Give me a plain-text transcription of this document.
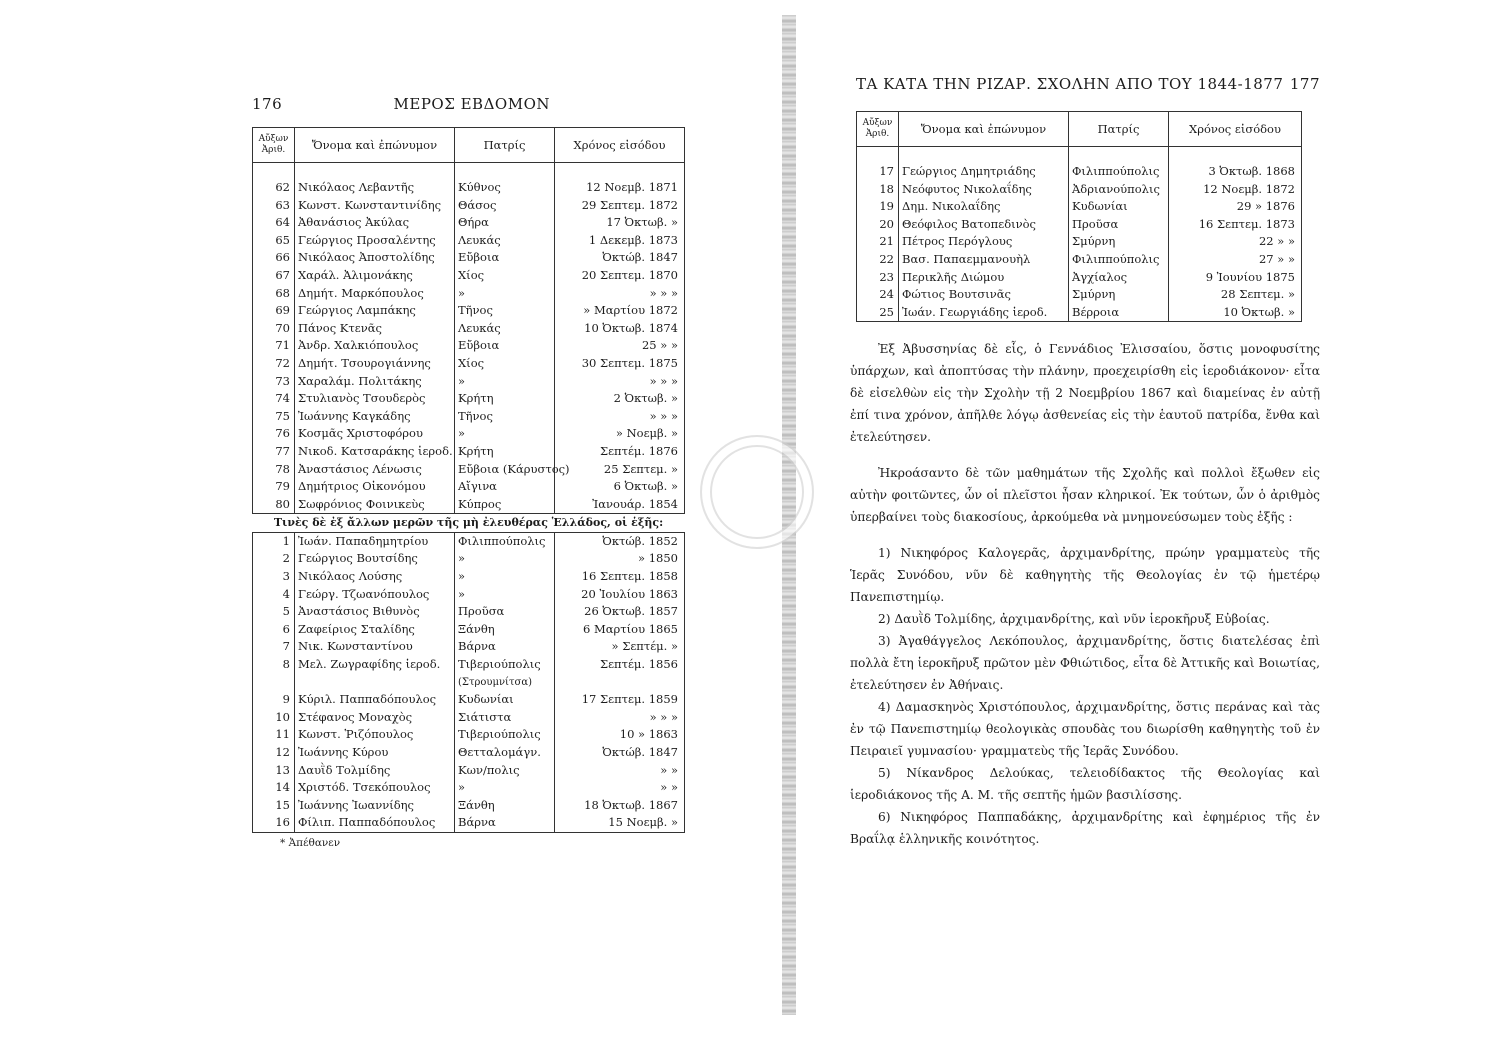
176	ΜΕΡΟΣ ΕΒΔΟΜΟΝ
Αὔξων Ἀριθ.	Ὄνομα καὶ ἐπώνυμον	Πατρίς	Χρόνος εἰσόδου

62	Νικόλαος Λεβαντῆς	Κύθνος	12 Νοεμβ. 1871
63	Κωνστ. Κωνσταντινίδης	Θάσος	29 Σεπτεμ. 1872
64	Ἀθανάσιος Ἀκύλας	Θήρα	17 Ὀκτωβ. »
65	Γεώργιος Προσαλέντης	Λευκάς	1 Δεκεμβ. 1873
66	Νικόλαος Ἀποστολίδης	Εὔβοια	Ὀκτώβ. 1847
67	Χαράλ. Ἀλιμονάκης	Χίος	20 Σεπτεμ. 1870
68	Δημήτ. Μαρκόπουλος	»	» » »
69	Γεώργιος Λαμπάκης	Τῆνος	» Μαρτίου 1872
70	Πάνος Κτενᾶς	Λευκάς	10 Ὀκτωβ. 1874
71	Ἀνδρ. Χαλκιόπουλος	Εὔβοια	25 » »
72	Δημήτ. Τσουρογιάννης	Χίος	30 Σεπτεμ. 1875
73	Χαραλάμ. Πολιτάκης	»	» » »
74	Στυλιανὸς Τσουδερὸς	Κρήτη	2 Ὀκτωβ. »
75	Ἰωάννης Καγκάδης	Τῆνος	» » »
76	Κοσμᾶς Χριστοφόρου	»	» Νοεμβ. »
77	Νικοδ. Κατσαράκης ἱεροδ.	Κρήτη	Σεπτέμ. 1876
78	Ἀναστάσιος Λένωσις	Εὔβοια (Κάρυστος)	25 Σεπτεμ. »
79	Δημήτριος Οἰκονόμου	Αἴγινα	6 Ὀκτωβ. »
80	Σωφρόνιος Φοινικεὺς	Κύπρος	Ἰανουάρ. 1854
Τινὲς δὲ ἐξ ἄλλων μερῶν τῆς μὴ ἐλευθέρας Ἑλλάδος, οἱ ἑξῆς:			
1	Ἰωάν. Παπαδημητρίου	Φιλιππούπολις	Ὀκτώβ. 1852
2	Γεώργιος Βουτσίδης	»	» 1850
3	Νικόλαος Λούσης	»	16 Σεπτεμ. 1858
4	Γεώργ. Τζωανόπουλος	»	20 Ἰουλίου 1863
5	Ἀναστάσιος Βιθυνὸς	Προῦσα	26 Ὀκτωβ. 1857
6	Ζαφείριος Σταλίδης	Ξάνθη	6 Μαρτίου 1865
7	Νικ. Κωνσταντίνου	Βάρνα	» Σεπτέμ. »
8	Μελ. Ζωγραφίδης ἱεροδ.	Τιβεριούπολις	Σεπτέμ. 1856
		(Στρουμνίτσα)	
9	Κύριλ. Παππαδόπουλος	Κυδωνίαι	17 Σεπτεμ. 1859
10	Στέφανος Μοναχὸς	Σιάτιστα	» » »
11	Κωνστ. Ῥιζόπουλος	Τιβεριούπολις	10 » 1863
12	Ἰωάννης Κύρου	Θετταλομάγν.	Ὀκτώβ. 1847
13	Δαυῒδ Τολμίδης	Κων/πολις	» »
14	Χριστόδ. Τσεκόπουλος	»	» »
15	Ἰωάννης Ἰωαννίδης	Ξάνθη	18 Ὀκτωβ. 1867
16	Φίλιπ. Παππαδόπουλος	Βάρνα	15 Νοεμβ. »
* Ἀπέθανεν
ΤΑ ΚΑΤΑ ΤΗΝ ΡΙΖΑΡ. ΣΧΟΛΗΝ ΑΠΟ ΤΟΥ 1844-1877 177
Αὔξων Ἀριθ.	Ὄνομα καὶ ἐπώνυμον	Πατρίς	Χρόνος εἰσόδου

17	Γεώργιος Δημητριάδης	Φιλιππούπολις	3 Ὀκτωβ. 1868
18	Νεόφυτος Νικολαΐδης	Ἀδριανούπολις	12 Νοεμβ. 1872
19	Δημ. Νικολαΐδης	Κυδωνίαι	29 » 1876
20	Θεόφιλος Βατοπεδινὸς	Προῦσα	16 Σεπτεμ. 1873
21	Πέτρος Περόγλους	Σμύρνη	22 » »
22	Βασ. Παπαεμμανουὴλ	Φιλιππούπολις	27 » »
23	Περικλῆς Διώμου	Ἀγχίαλος	9 Ἰουνίου 1875
24	Φώτιος Βουτσινᾶς	Σμύρνη	28 Σεπτεμ. »
25	Ἰωάν. Γεωργιάδης ἱεροδ.	Βέρροια	10 Ὀκτωβ. »

Ἐξ Ἀβυσσηνίας δὲ εἷς, ὁ Γεννάδιος Ἐλισσαίου, ὅστις μονοφυσίτης ὑπάρχων, καὶ ἀποπτύσας τὴν πλάνην, προεχειρίσθη εἰς ἱεροδιάκονον· εἶτα δὲ εἰσελθὼν εἰς τὴν Σχολὴν τῇ 2 Νοεμβρίου 1867 καὶ διαμείνας ἐν αὐτῇ ἐπί τινα χρόνον, ἀπῆλθε λόγῳ ἀσθενείας εἰς τὴν ἑαυτοῦ πατρίδα, ἔνθα καὶ ἐτελεύτησεν.

Ἠκροάσαντο δὲ τῶν μαθημάτων τῆς Σχολῆς καὶ πολλοὶ ἔξωθεν εἰς αὐτὴν φοιτῶντες, ὧν οἱ πλεῖστοι ἦσαν κληρικοί. Ἐκ τούτων, ὧν ὁ ἀριθμὸς ὑπερβαίνει τοὺς διακοσίους, ἀρκούμεθα νὰ μνημονεύσωμεν τοὺς ἑξῆς :

1) Νικηφόρος Καλογερᾶς, ἀρχιμανδρίτης, πρώην γραμματεὺς τῆς Ἱερᾶς Συνόδου, νῦν δὲ καθηγητὴς τῆς Θεολογίας ἐν τῷ ἡμετέρῳ Πανεπιστημίῳ.

2) Δαυῒδ Τολμίδης, ἀρχιμανδρίτης, καὶ νῦν ἱεροκῆρυξ Εὐβοίας.

3) Ἀγαθάγγελος Λεκόπουλος, ἀρχιμανδρίτης, ὅστις διατελέσας ἐπὶ πολλὰ ἔτη ἱεροκῆρυξ πρῶτον μὲν Φθιώτιδος, εἶτα δὲ Ἀττικῆς καὶ Βοιωτίας, ἐτελεύτησεν ἐν Ἀθήναις.

4) Δαμασκηνὸς Χριστόπουλος, ἀρχιμανδρίτης, ὅστις περάνας καὶ τὰς ἐν τῷ Πανεπιστημίῳ θεολογικὰς σπουδὰς του διωρίσθη καθηγητὴς τοῦ ἐν Πειραιεῖ γυμνασίου· γραμματεὺς τῆς Ἱερᾶς Συνόδου.

5) Νίκανδρος Δελούκας, τελειοδίδακτος τῆς Θεολογίας καὶ ἱεροδιάκονος τῆς Α. Μ. τῆς σεπτῆς ἡμῶν βασιλίσσης.

6) Νικηφόρος Παππαδάκης, ἀρχιμανδρίτης καὶ ἐφημέριος τῆς ἐν Βραΐλᾳ ἑλληνικῆς κοινότητος.
